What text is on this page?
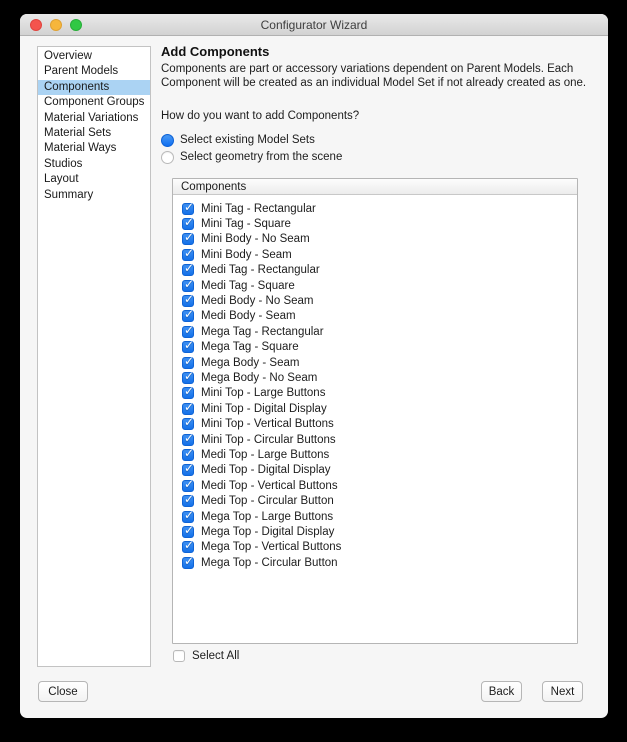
Configurator Wizard
Overview
Parent Models
Components
Component Groups
Material Variations
Material Sets
Material Ways
Studios
Layout
Summary
Add Components
Components are part or accessory variations dependent on Parent Models. Each Component will be created as an individual Model Set if not already created as one.
How do you want to add Components?
Select existing Model Sets
Select geometry from the scene
Components
✓
Mini Tag - Rectangular
✓
Mini Tag - Square
✓
Mini Body - No Seam
✓
Mini Body - Seam
✓
Medi Tag - Rectangular
✓
Medi Tag - Square
✓
Medi Body - No Seam
✓
Medi Body - Seam
✓
Mega Tag - Rectangular
✓
Mega Tag - Square
✓
Mega Body - Seam
✓
Mega Body - No Seam
✓
Mini Top - Large Buttons
✓
Mini Top - Digital Display
✓
Mini Top - Vertical Buttons
✓
Mini Top - Circular Buttons
✓
Medi Top - Large Buttons
✓
Medi Top - Digital Display
✓
Medi Top - Vertical Buttons
✓
Medi Top - Circular Button
✓
Mega Top - Large Buttons
✓
Mega Top - Digital Display
✓
Mega Top - Vertical Buttons
✓
Mega Top - Circular Button
Select All
Close	Back	Next
